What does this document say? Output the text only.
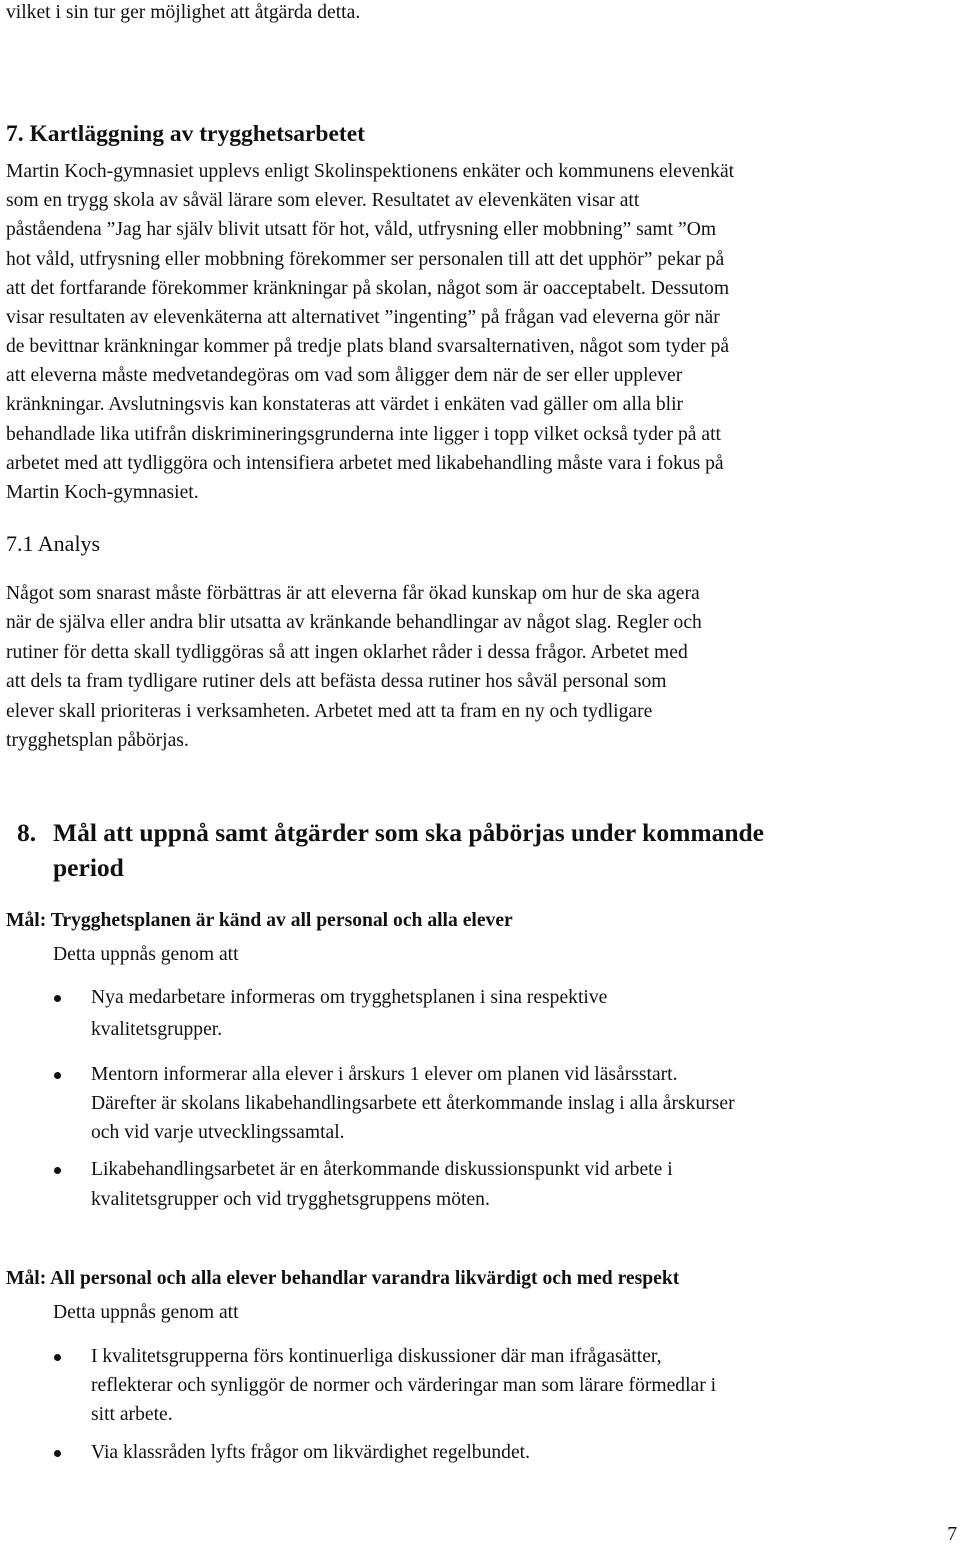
vilket i sin tur ger möjlighet att åtgärda detta.

7. Kartläggning av trygghetsarbetet

Martin Koch-gymnasiet upplevs enligt Skolinspektionens enkäter och kommunens elevenkät

som en trygg skola av såväl lärare som elever. Resultatet av elevenkäten visar att

påståendena ”Jag har själv blivit utsatt för hot, våld, utfrysning eller mobbning” samt ”Om

hot våld, utfrysning eller mobbning förekommer ser personalen till att det upphör” pekar på

att det fortfarande förekommer kränkningar på skolan, något som är oacceptabelt. Dessutom

visar resultaten av elevenkäterna att alternativet ”ingenting” på frågan vad eleverna gör när

de bevittnar kränkningar kommer på tredje plats bland svarsalternativen, något som tyder på

att eleverna måste medvetandegöras om vad som åligger dem när de ser eller upplever

kränkningar. Avslutningsvis kan konstateras att värdet i enkäten vad gäller om alla blir

behandlade lika utifrån diskrimineringsgrunderna inte ligger i topp vilket också tyder på att

arbetet med att tydliggöra och intensifiera arbetet med likabehandling måste vara i fokus på

Martin Koch-gymnasiet.

7.1 Analys

Något som snarast måste förbättras är att eleverna får ökad kunskap om hur de ska agera

när de själva eller andra blir utsatta av kränkande behandlingar av något slag. Regler och

rutiner för detta skall tydliggöras så att ingen oklarhet råder i dessa frågor. Arbetet med

att dels ta fram tydligare rutiner dels att befästa dessa rutiner hos såväl personal som

elever skall prioriteras i verksamheten. Arbetet med att ta fram en ny och tydligare

trygghetsplan påbörjas.

8. Mål att uppnå samt åtgärder som ska påbörjas under kommande

period

Mål: Trygghetsplanen är känd av all personal och alla elever

Detta uppnås genom att

Nya medarbetare informeras om trygghetsplanen i sina respektive

kvalitetsgrupper.

Mentorn informerar alla elever i årskurs 1 elever om planen vid läsårsstart.

Därefter är skolans likabehandlingsarbete ett återkommande inslag i alla årskurser

och vid varje utvecklingssamtal.

Likabehandlingsarbetet är en återkommande diskussionspunkt vid arbete i

kvalitetsgrupper och vid trygghetsgruppens möten.

Mål: All personal och alla elever behandlar varandra likvärdigt och med respekt

Detta uppnås genom att

I kvalitetsgrupperna förs kontinuerliga diskussioner där man ifrågasätter,

reflekterar och synliggör de normer och värderingar man som lärare förmedlar i

sitt arbete.

Via klassråden lyfts frågor om likvärdighet regelbundet.

7
